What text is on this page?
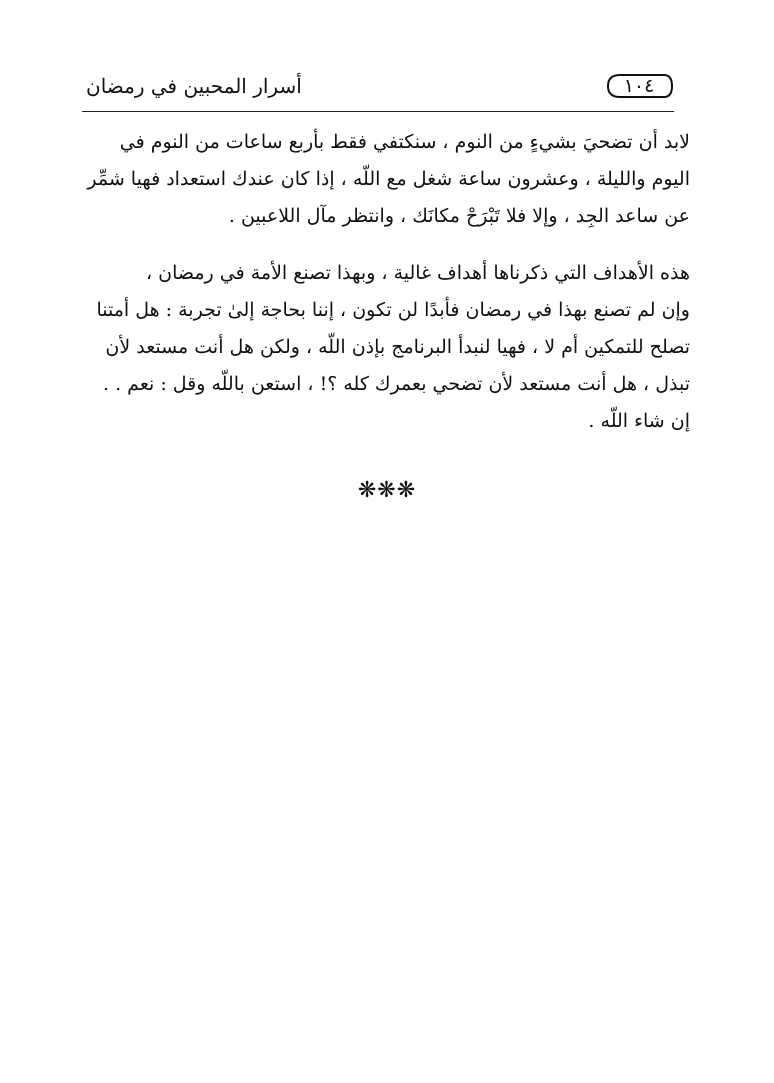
١٠٤
أسرار المحبين في رمضان
لابد أن تضحيَ بشيءٍ من النوم ، سنكتفي فقط بأربع ساعات من النوم في
اليوم والليلة ، وعشرون ساعة شغل مع اللّه ، إذا كان عندك استعداد فهيا شمِّر
عن ساعد الجِد ، وإلا فلا تَبْرَحْ مكانَك ، وانتظر مآل اللاعبين .
هذه الأهداف التي ذكرناها أهداف غالية ، وبهذا تصنع الأمة في رمضان ،
وإن لم تصنع بهذا في رمضان فأبدًا لن تكون ، إننا بحاجة إلىٰ تجربة : هل أمتنا
تصلح للتمكين أم لا ، فهيا لنبدأ البرنامج بإذن اللّه ، ولكن هل أنت مستعد لأن
تبذل ، هل أنت مستعد لأن تضحي بعمرك كله ؟! ، استعن باللّه وقل : نعم . .
إن شاء اللّه .
❋❋❋
